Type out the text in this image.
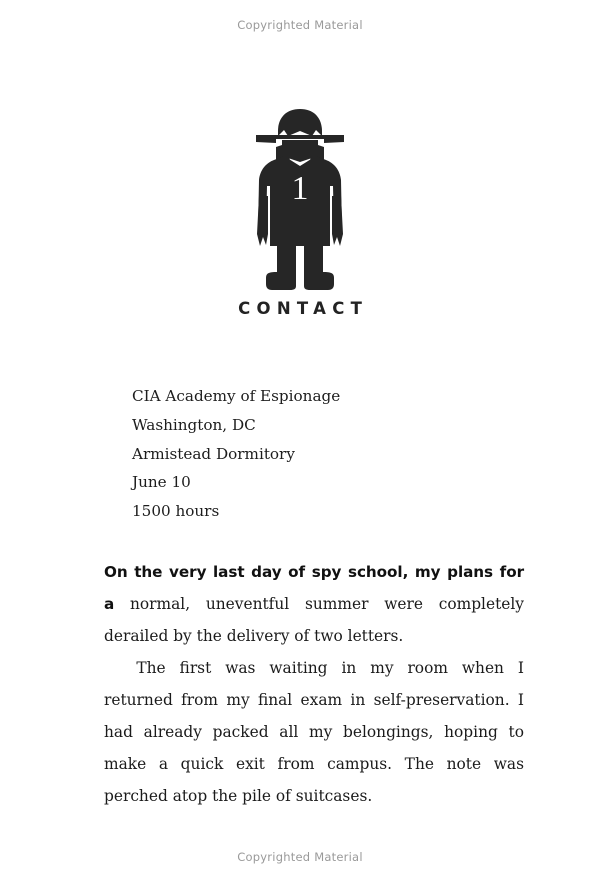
Copyrighted Material
1
CONTACT
CIA Academy of Espionage
Washington, DC
Armistead Dormitory
June 10
1500 hours

On the very last day of spy school, my plans for a normal, uneventful summer were completely derailed by the delivery of two letters.

The first was waiting in my room when I returned from my final exam in self-preservation. I had already packed all my belongings, hoping to make a quick exit from campus. The note was perched atop the pile of suitcases.

Copyrighted Material
